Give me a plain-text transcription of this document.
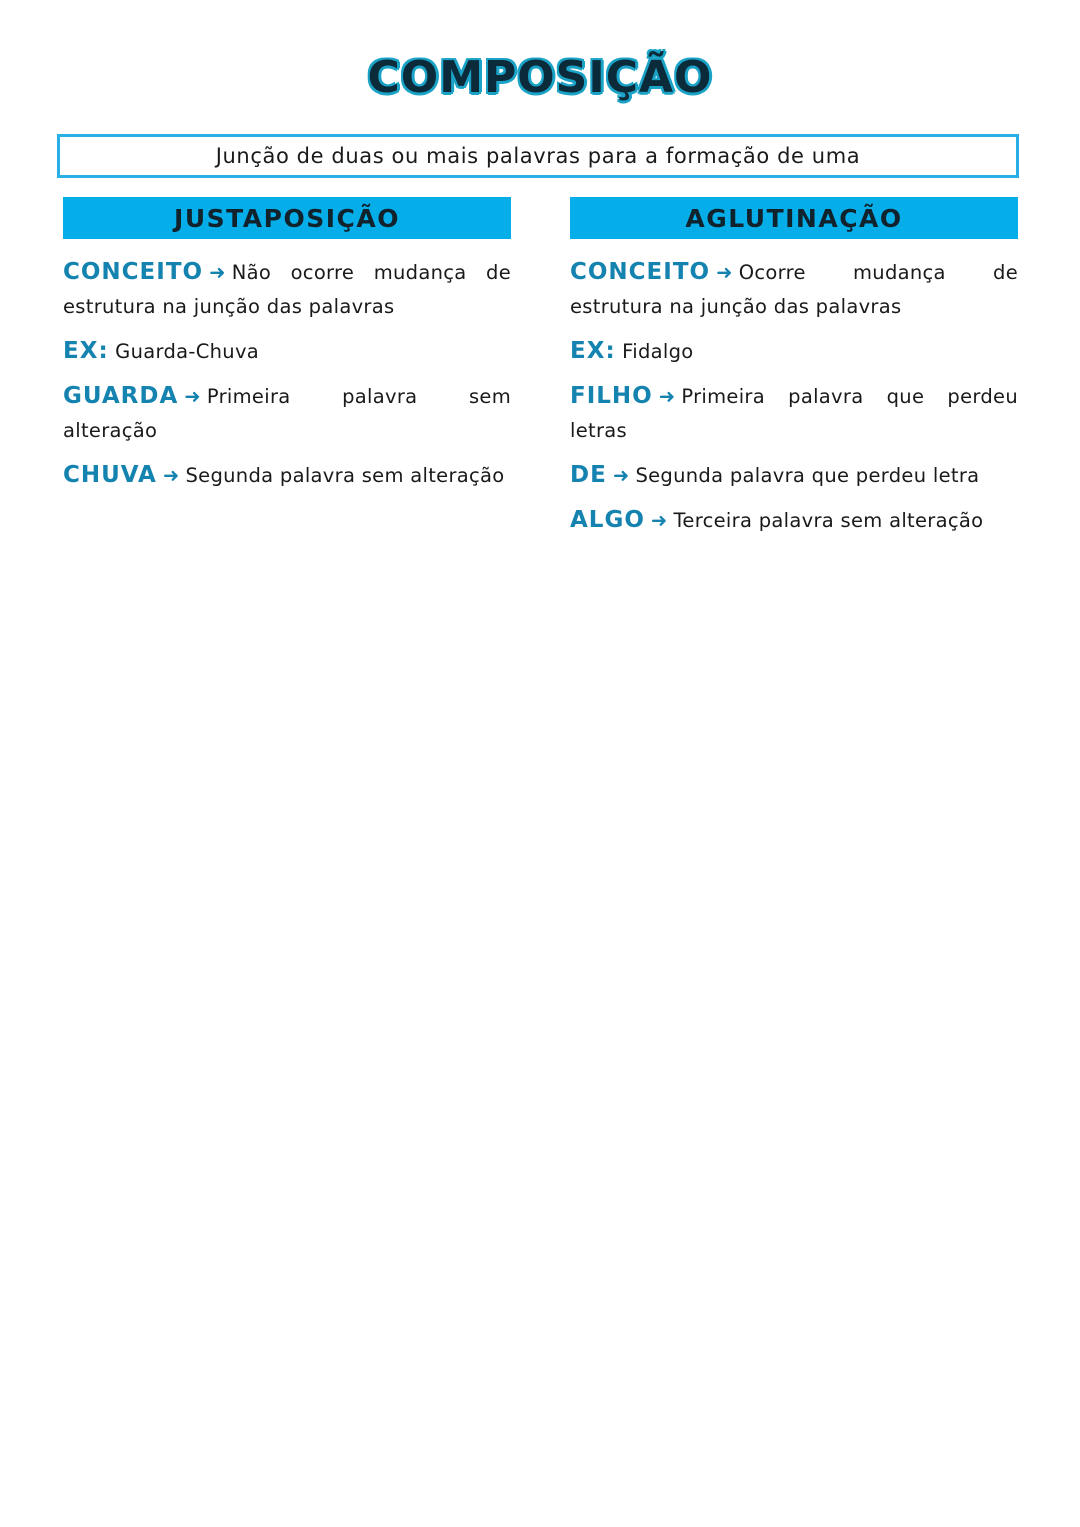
COMPOSIÇÃO
Junção de duas ou mais palavras para a formação de uma
JUSTAPOSIÇÃO
CONCEITO ➜ Não ocorre mudança de estrutura na junção das palavras
EX: Guarda-Chuva
GUARDA ➜ Primeira palavra sem alteração
CHUVA ➜ Segunda palavra sem alteração
AGLUTINAÇÃO
CONCEITO ➜ Ocorre mudança de estrutura na junção das palavras
EX: Fidalgo
FILHO ➜ Primeira palavra que perdeu letras
DE ➜ Segunda palavra que perdeu letra
ALGO ➜ Terceira palavra sem alteração
